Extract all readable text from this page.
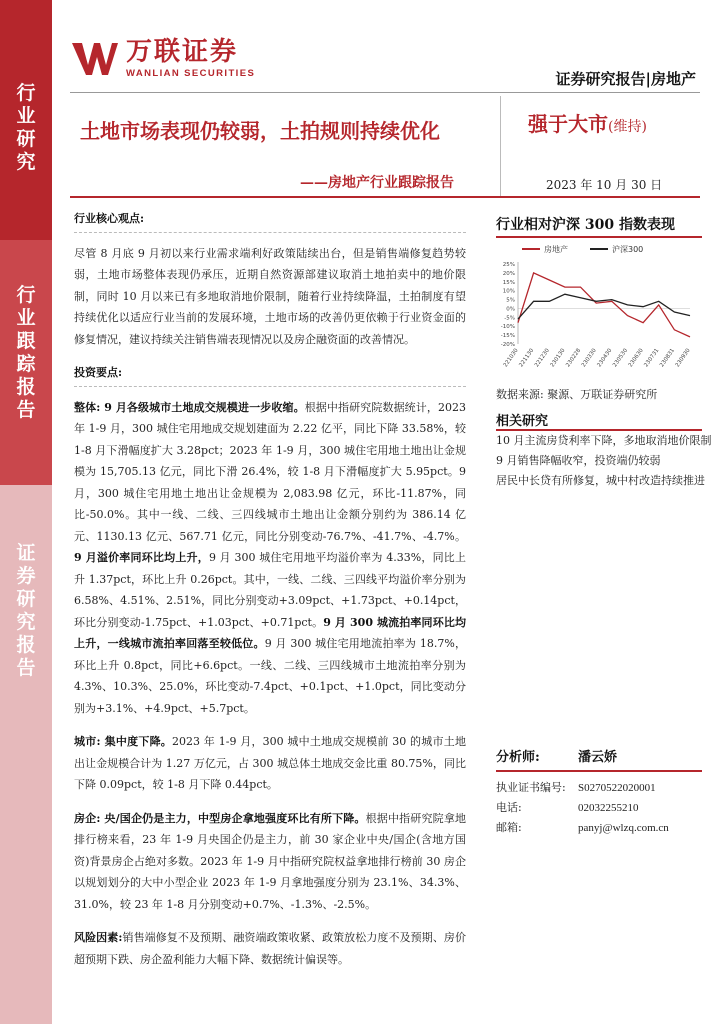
行
业
研
究
行
业
跟
踪
报
告
证
券
研
究
报
告
万联证券
WANLIAN SECURITIES	证券研究报告|房地产
土地市场表现仍较弱，土拍规则持续优化
——房地产行业跟踪报告
强于大市(维持)
2023 年 10 月 30 日
行业核心观点:

尽管 8 月底 9 月初以来行业需求端利好政策陆续出台，但是销售端修复趋势较弱，土地市场整体表现仍承压，近期自然资源部建议取消土地拍卖中的地价限制，同时 10 月以来已有多地取消地价限制，随着行业持续降温，土拍制度有望持续优化以适应行业当前的发展环境，土地市场的改善仍更依赖于行业资金面的修复情况，建议持续关注销售端表现情况以及房企融资面的改善情况。

投资要点:

整体: 9 月各级城市土地成交规模进一步收缩。根据中指研究院数据统计，2023 年 1-9 月，300 城住宅用地成交规划建面为 2.22 亿平，同比下降 33.58%，较 1-8 月下滑幅度扩大 3.28pct；2023 年 1-9 月，300 城住宅用地土地出让金规模为 15,705.13 亿元，同比下滑 26.4%，较 1-8 月下滑幅度扩大 5.95pct。9 月，300 城住宅用地土地出让金规模为 2,083.98 亿元，环比-11.87%，同比-50.0%。其中一线、二线、三四线城市土地出让金额分别约为 386.14 亿元、1130.13 亿元、567.71 亿元，同比分别变动-76.7%、-41.7%、-4.7%。9 月溢价率同环比均上升，9 月 300 城住宅用地平均溢价率为 4.33%，同比上升 1.37pct，环比上升 0.26pct。其中，一线、二线、三四线平均溢价率分别为 6.58%、4.51%、2.51%，同比分别变动+3.09pct、+1.73pct、+0.14pct，环比分别变动-1.75pct、+1.03pct、+0.71pct。9 月 300 城流拍率同环比均上升，一线城市流拍率回落至较低位。9 月 300 城住宅用地流拍率为 18.7%，环比上升 0.8pct，同比+6.6pct。一线、二线、三四线城市土地流拍率分别为 4.3%、10.3%、25.0%，环比变动-7.4pct、+0.1pct、+1.0pct，同比变动分别为+3.1%、+4.9pct、+5.7pct。

城市: 集中度下降。2023 年 1-9 月，300 城中土地成交规模前 30 的城市土地出让金规模合计为 1.27 万亿元，占 300 城总体土地成交金比重 80.75%，同比下降 0.09pct，较 1-8 月下降 0.44pct。

房企: 央/国企仍是主力，中型房企拿地强度环比有所下降。根据中指研究院拿地排行榜来看，23 年 1-9 月央国企仍是主力，前 30 家企业中央/国企(含地方国资)背景房企占绝对多数。2023 年 1-9 月中指研究院权益拿地排行榜前 30 房企以规划划分的大中小型企业 2023 年 1-9 月拿地强度分别为 23.1%、34.3%、31.0%，较 23 年 1-8 月分别变动+0.7%、-1.3%、-2.5%。

风险因素:销售端修复不及预期、融资端政策收紧、政策放松力度不及预期、房价超预期下跌、房企盈利能力大幅下降、数据统计偏误等。

行业相对沪深 300 指数表现
房地产	沪深300
25%
20%
15%
10%
5%
0%
-5%
-10%
-15%
-20%
221030
221130
221230
230130
230228
230330
230430
230530
230630
230731
230831
230930
数据来源: 聚源、万联证券研究所
相关研究
10 月主流房贷利率下降，多地取消地价限制
9 月销售降幅收窄，投资端仍较弱
居民中长贷有所修复，城中村改造持续推进
分析师:	潘云娇
执业证书编号:	S0270522020001
电话:	02032255210
邮箱:	panyj@wlzq.com.cn
